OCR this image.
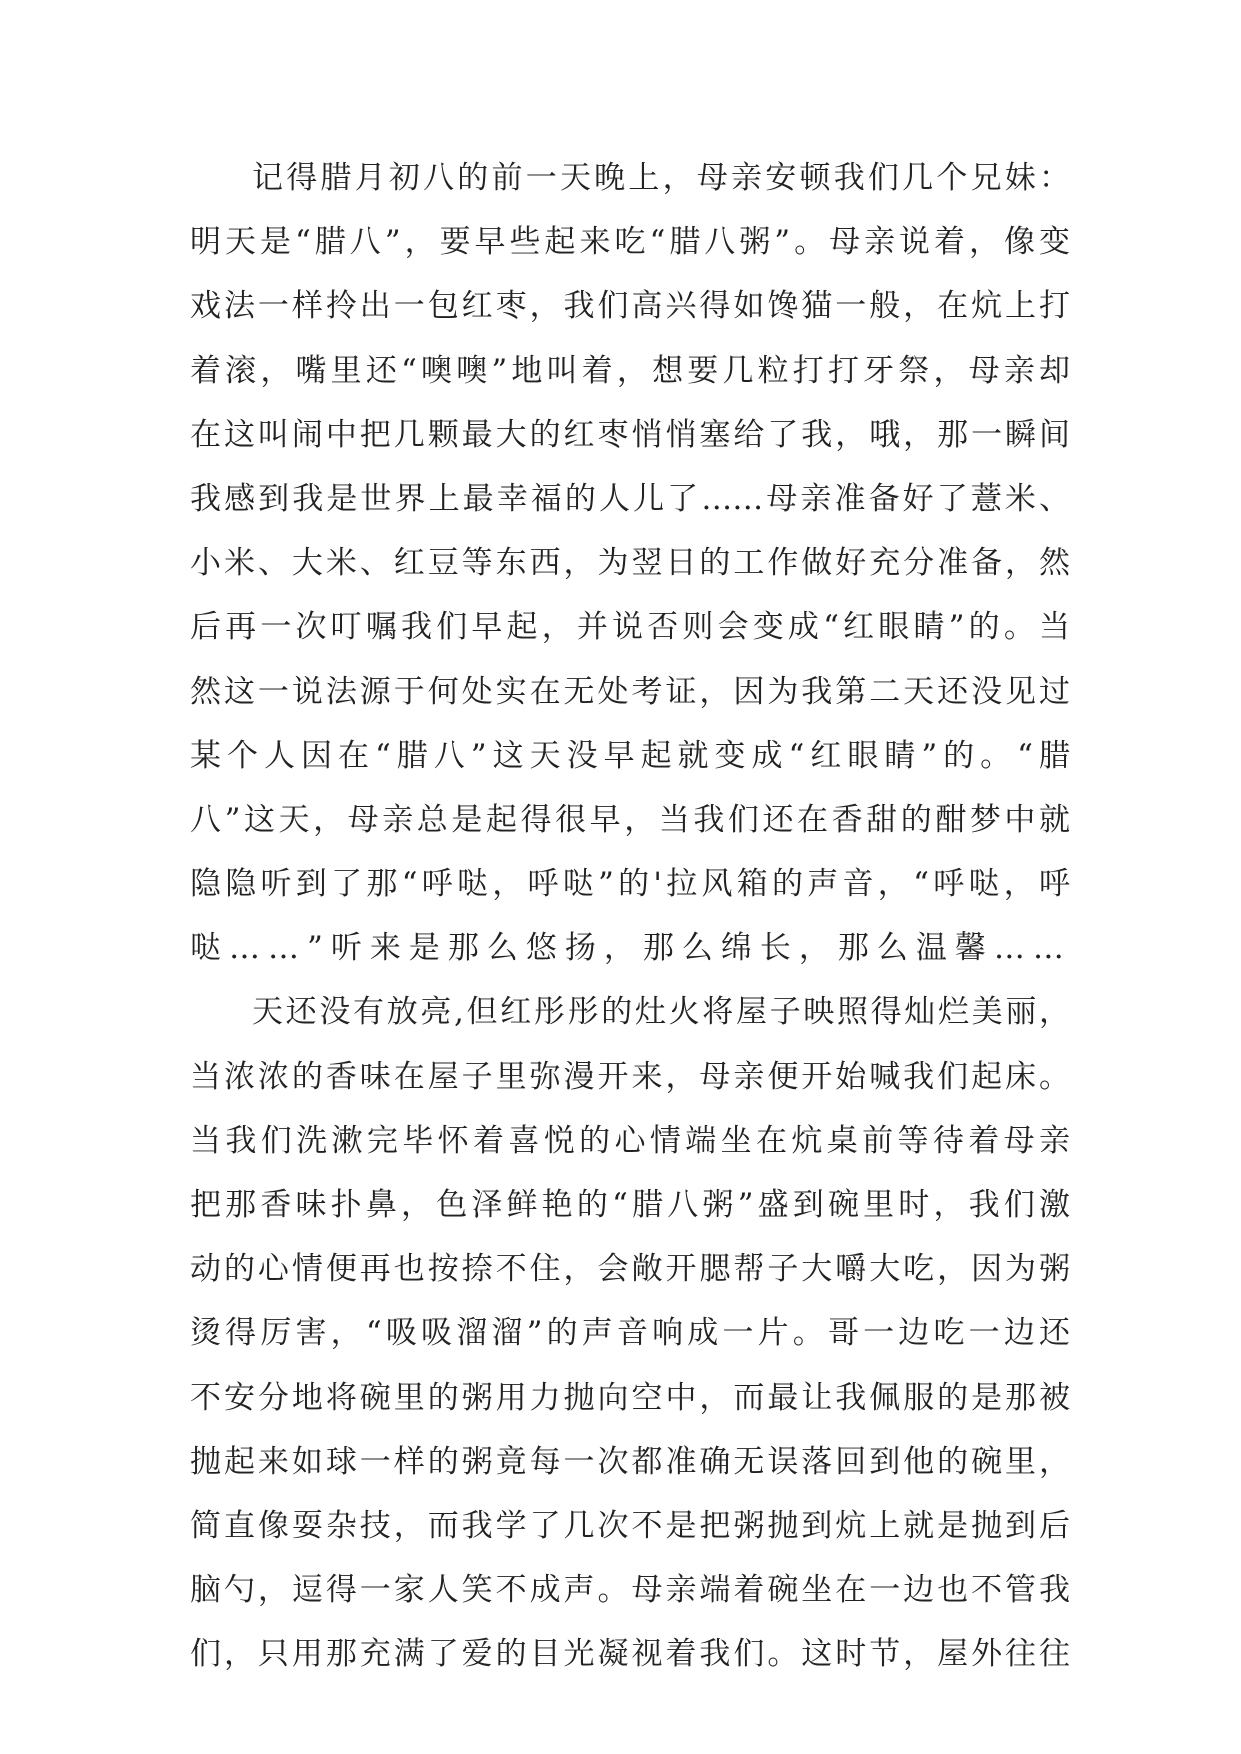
记得腊月初八的前一天晚上，母亲安顿我们几个兄妹：
明天是“腊八”，要早些起来吃“腊八粥”。母亲说着，像变
戏法一样拎出一包红枣，我们高兴得如馋猫一般，在炕上打
着滚，嘴里还“噢噢”地叫着，想要几粒打打牙祭，母亲却
在这叫闹中把几颗最大的红枣悄悄塞给了我，哦，那一瞬间
我感到我是世界上最幸福的人儿了……母亲准备好了薏米、
小米、大米、红豆等东西，为翌日的工作做好充分准备，然
后再一次叮嘱我们早起，并说否则会变成“红眼睛”的。当
然这一说法源于何处实在无处考证，因为我第二天还没见过
某个人因在“腊八”这天没早起就变成“红眼睛”的。“腊
八”这天，母亲总是起得很早，当我们还在香甜的酣梦中就
隐隐听到了那“呼哒，呼哒”的'拉风箱的声音，“呼哒，呼
哒……”听来是那么悠扬，那么绵长，那么温馨……
天还没有放亮,但红彤彤的灶火将屋子映照得灿烂美丽，
当浓浓的香味在屋子里弥漫开来，母亲便开始喊我们起床。
当我们洗漱完毕怀着喜悦的心情端坐在炕桌前等待着母亲
把那香味扑鼻，色泽鲜艳的“腊八粥”盛到碗里时，我们激
动的心情便再也按捺不住，会敞开腮帮子大嚼大吃，因为粥
烫得厉害，“吸吸溜溜”的声音响成一片。哥一边吃一边还
不安分地将碗里的粥用力抛向空中，而最让我佩服的是那被
抛起来如球一样的粥竟每一次都准确无误落回到他的碗里，
简直像耍杂技，而我学了几次不是把粥抛到炕上就是抛到后
脑勺，逗得一家人笑不成声。母亲端着碗坐在一边也不管我
们，只用那充满了爱的目光凝视着我们。这时节，屋外往往
